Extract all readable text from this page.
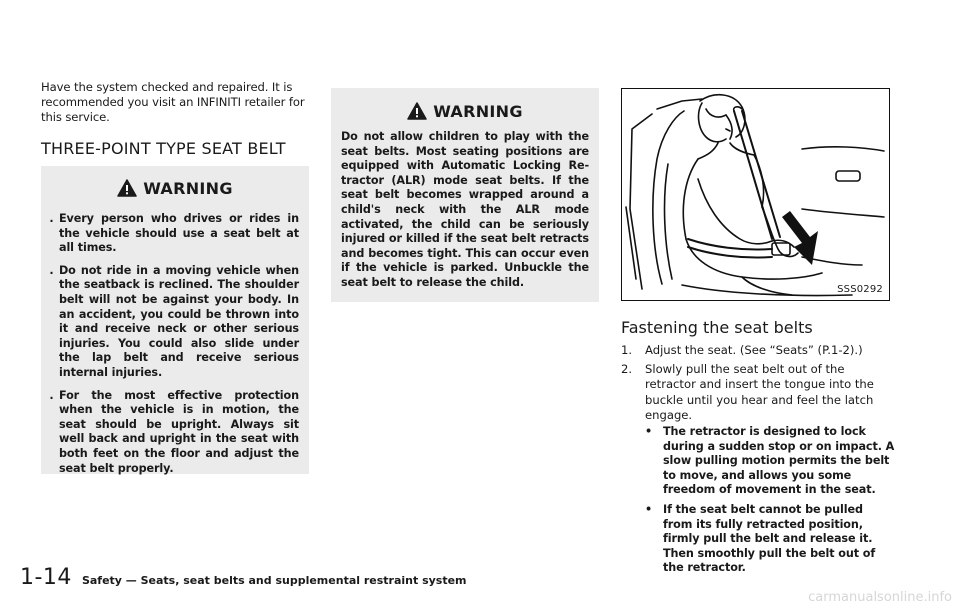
Have the system checked and repaired. It is recommended you visit an INFINITI retailer for this service.

THREE-POINT TYPE SEAT BELT
WARNING
. Every person who drives or rides in the vehicle should use a seat belt at all times.
. Do not ride in a moving vehicle when the seatback is reclined. The shoulder belt will not be against your body. In an accident, you could be thrown into it and receive neck or other serious injuries. You could also slide under the lap belt and receive serious internal injuries.
. For the most effective protection when the vehicle is in motion, the seat should be upright. Always sit well back and upright in the seat with both feet on the floor and adjust the seat belt properly.
WARNING

Do not allow children to play with the seat belts. Most seating positions are equipped with Automatic Locking Re- tractor (ALR) mode seat belts. If the seat belt becomes wrapped around a child's neck with the ALR mode activated, the child can be seriously injured or killed if the seat belt retracts and becomes tight. This can occur even if the vehicle is parked. Unbuckle the seat belt to release the child.

SSS0292
Fastening the seat belts
1. Adjust the seat. (See “Seats” (P.1-2).)
2. Slowly pull the seat belt out of the retractor and insert the tongue into the buckle until you hear and feel the latch engage.
• The retractor is designed to lock during a sudden stop or on impact. A slow pulling motion permits the belt to move, and allows you some freedom of movement in the seat.
• If the seat belt cannot be pulled from its fully retracted position, firmly pull the belt and release it. Then smoothly pull the belt out of the retractor.
1-14 Safety — Seats, seat belts and supplemental restraint system
carmanualsonline.info
